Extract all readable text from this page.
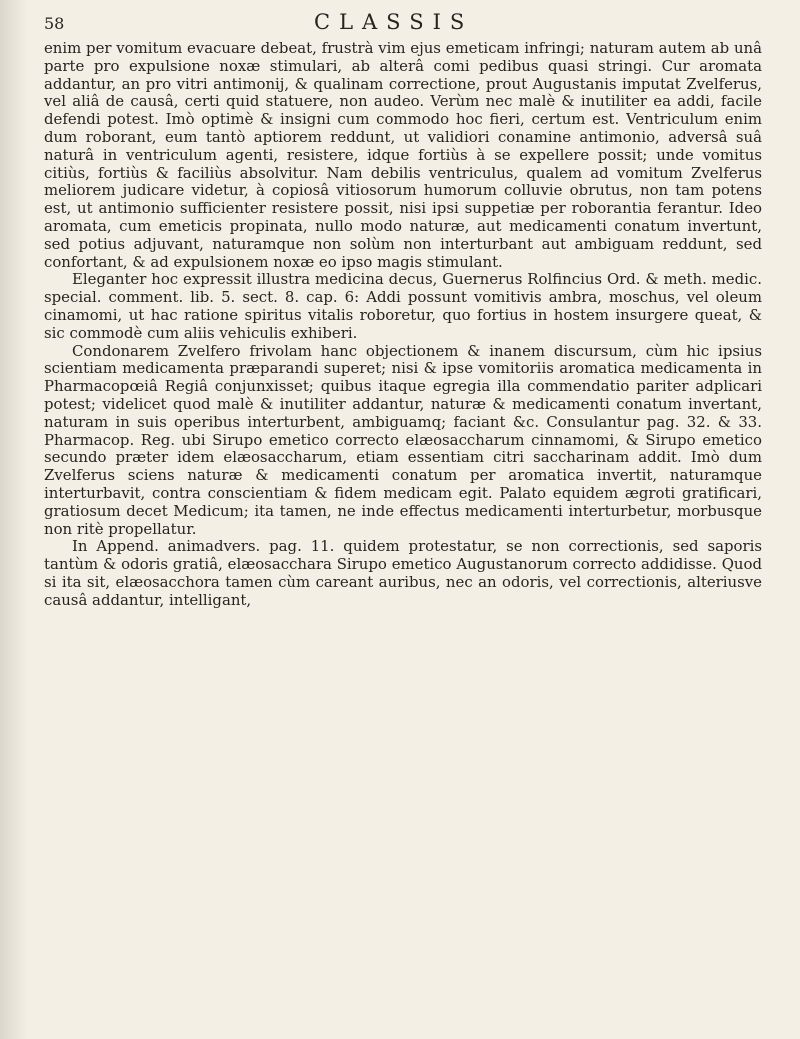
58	CLASSIS

enim per vomitum evacuare debeat, frustrà vim ejus emeticam infringi; naturam autem ab unâ parte pro expulsione noxæ stimulari, ab alterâ comi pedibus quasi stringi. Cur aromata addantur, an pro vitri antimonij, & qualinam correctione, prout Augustanis imputat Zvelferus, vel aliâ de causâ, certi quid statuere, non audeo. Verùm nec malè & inutiliter ea addi, facile defendi potest. Imò optimè & insigni cum commodo hoc fieri, certum est. Ventriculum enim dum roborant, eum tantò aptiorem reddunt, ut validiori conamine antimonio, adversâ suâ naturâ in ventriculum agenti, resistere, idque fortiùs à se expellere possit; unde vomitus citiùs, fortiùs & faciliùs absolvitur. Nam debilis ventriculus, qualem ad vomitum Zvelferus meliorem judicare videtur, à copiosâ vitiosorum humorum colluvie obrutus, non tam potens est, ut antimonio sufficienter resistere possit, nisi ipsi suppetiæ per roborantia ferantur. Ideo aromata, cum emeticis propinata, nullo modo naturæ, aut medicamenti conatum invertunt, sed potius adjuvant, naturamque non solùm non interturbant aut ambiguam reddunt, sed confortant, & ad expulsionem noxæ eo ipso magis stimulant.

Eleganter hoc expressit illustra medicina decus, Guernerus Rolfincius Ord. & meth. medic. special. comment. lib. 5. sect. 8. cap. 6: Addi possunt vomitivis ambra, moschus, vel oleum cinamomi, ut hac ratione spiritus vitalis roboretur, quo fortius in hostem insurgere queat, & sic commodè cum aliis vehiculis exhiberi.

Condonarem Zvelfero frivolam hanc objectionem & inanem discursum, cùm hic ipsius scientiam medicamenta præparandi superet; nisi & ipse vomitoriis aromatica medicamenta in Pharmacopœiâ Regiâ conjunxisset; quibus itaque egregia illa commendatio pariter adplicari potest; videlicet quod malè & inutiliter addantur, naturæ & medicamenti conatum invertant, naturam in suis operibus interturbent, ambiguamq; faciant &c. Consulantur pag. 32. & 33. Pharmacop. Reg. ubi Sirupo emetico correcto elæosaccharum cinnamomi, & Sirupo emetico secundo præter idem elæosaccharum, etiam essentiam citri saccharinam addit. Imò dum Zvelferus sciens naturæ & medicamenti conatum per aromatica invertit, naturamque interturbavit, contra conscientiam & fidem medicam egit. Palato equidem ægroti gratificari, gratiosum decet Medicum; ita tamen, ne inde effectus medicamenti interturbetur, morbusque non ritè propellatur.

In Append. animadvers. pag. 11. quidem protestatur, se non correctionis, sed saporis tantùm & odoris gratiâ, elæosacchara Sirupo emetico Augustanorum correcto addidisse. Quod si ita sit, elæosacchora tamen cùm careant auribus, nec an odoris, vel correctionis, alteriusve causâ addantur, intelligant,
